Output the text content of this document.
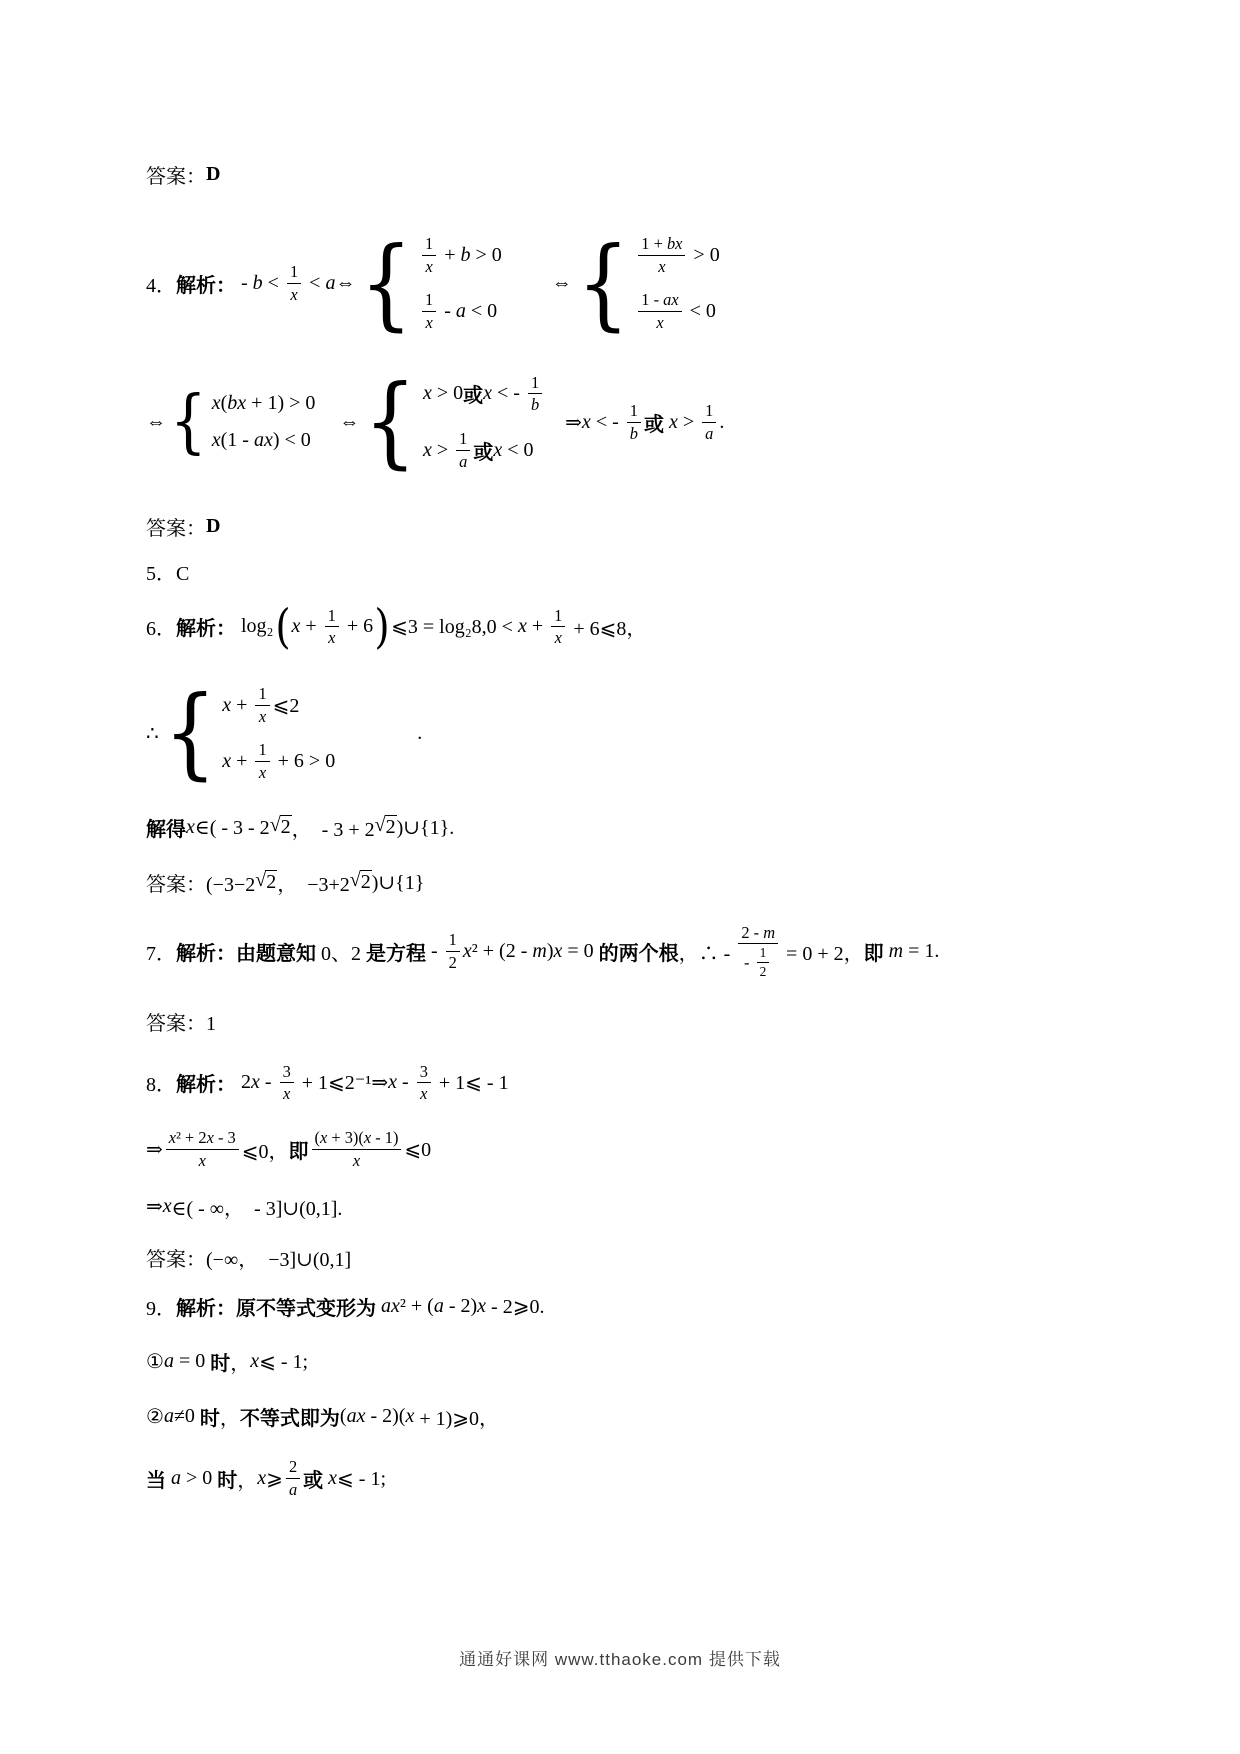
答案： D
4． 解析： - $b < \frac{1}{x} < a$ ⇔ { $\frac{1}{x} + b > 0$
$\frac{1}{x} - a < 0$
⇔ { $\frac{1 + bx}{x} > 0$
$\frac{1 - ax}{x} < 0$
⇔ { x ( bx + 1) > 0
x (1 - ax ) < 0
⇔ { x > 0 或 x < - $\frac{1}{b}$
$x > \frac{1}{a}$ 或 x < 0
⇒ x < - $\frac{1}{b}$ 或
$x > \frac{1}{a}$ .
答案： D
5．C
6． 解析： log₂ ( $x + \frac{1}{x} + 6$ ) ⩽3 = $\log_28,0 < x + \frac{1}{x}$ + 6⩽8，
∴ { $x + \frac{1}{x}$ ⩽2
$x + \frac{1}{x} + 6 > 0$
.
解得 x ∈( - 3 - 2 √ 2 ，  - 3 + 2 √ 2 )∪{1}.
答案：(−3−2 √ 2 ，  −3+2 √ 2 )∪{1}
7． 解析： 由题意知 0、2 是方程 - $\frac{1}{2}$ x ² + (2 - m ) x = 0 的两个根 ，∴ - $\frac{2 - m}{- \frac{1}{2}} = 0 + 2$， 即
m = 1.
答案：1
8． 解析： 2 x - $\frac{3}{x}$ + 1⩽2⁻¹⇒ x - $\frac{3}{x}$ + 1⩽ - 1
⇒ $\frac{\text{x ² + 2 x - 3}}{x}$ ⩽0， 即 $\frac{( x + 3)( x - 1)}{x}$ ⩽0
⇒ x ∈( - ∞，  - 3]∪(0,1].
答案：(−∞，  −3]∪(0,1]
9． 解析： 原不等式变形为
ax ² + ( a - 2) x - 2⩾0.
① a = 0 时 ， x ⩽ - 1;
② a ≠0 时 ， 不等式即为 ( ax - 2)( x + 1)⩾0，
当
a > 0 时 ， x ⩾ $\frac{2}{a}$ 或
x ⩽ - 1;
通通好课网 www.tthaoke.com 提供下载
